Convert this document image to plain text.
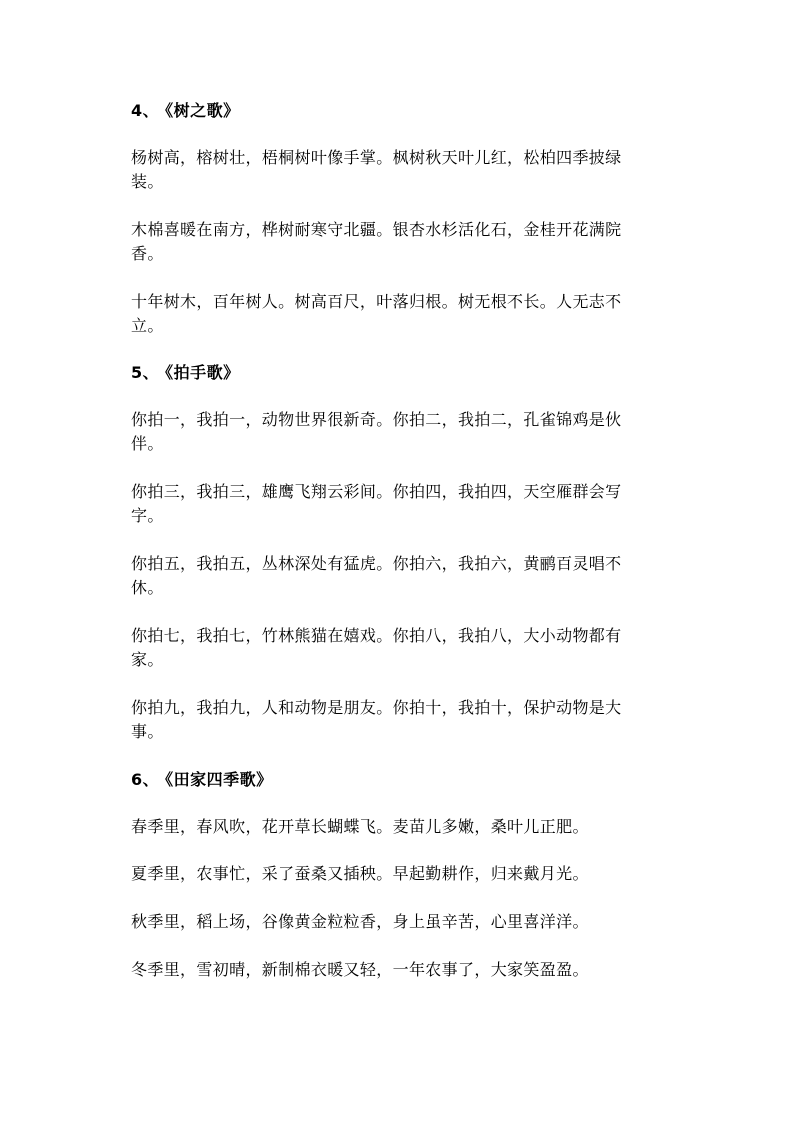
4、 《树之歌》
杨树高，榕树壮，梧桐树叶像手掌。枫树秋天叶儿红，松柏四季披绿
装。
木棉喜暖在南方，桦树耐寒守北疆。银杏水杉活化石，金桂开花满院
香。
十年树木，百年树人。树高百尺，叶落归根。树无根不长。人无志不
立。
5、 《拍手歌》
你拍一，我拍一，动物世界很新奇。你拍二，我拍二，孔雀锦鸡是伙
伴。
你拍三，我拍三，雄鹰飞翔云彩间。你拍四，我拍四，天空雁群会写
字。
你拍五，我拍五，丛林深处有猛虎。你拍六，我拍六，黄鹂百灵唱不
休。
你拍七，我拍七，竹林熊猫在嬉戏。你拍八，我拍八，大小动物都有
家。
你拍九，我拍九，人和动物是朋友。你拍十，我拍十，保护动物是大
事。
6、 《田家四季歌》
春季里，春风吹，花开草长蝴蝶飞。麦苗儿多嫩，桑叶儿正肥。
夏季里，农事忙，采了蚕桑又插秧。早起勤耕作，归来戴月光。
秋季里，稻上场，谷像黄金粒粒香，身上虽辛苦，心里喜洋洋。
冬季里，雪初晴，新制棉衣暖又轻，一年农事了，大家笑盈盈。
